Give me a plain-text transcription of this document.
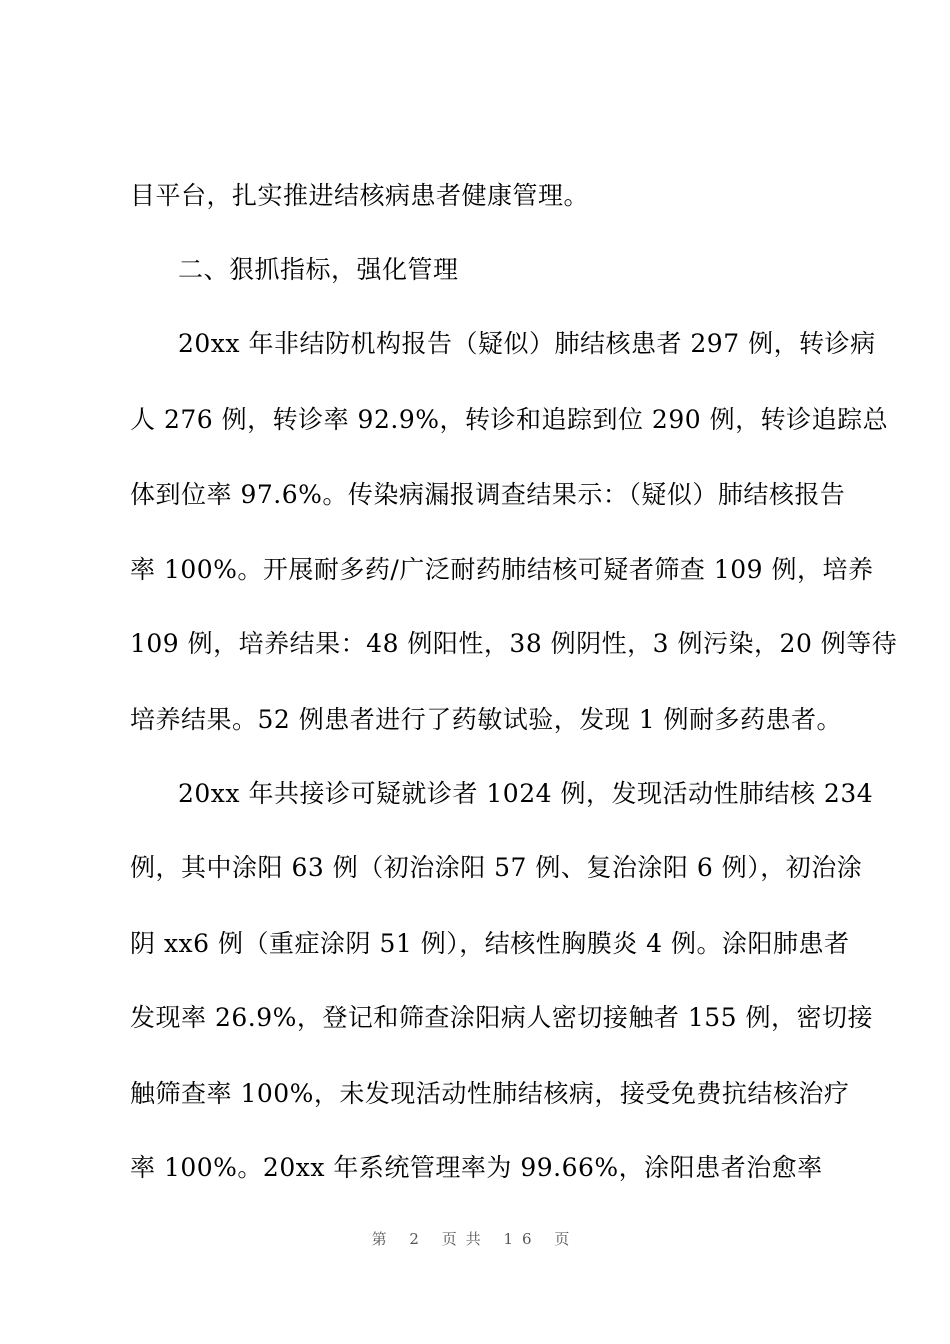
目平台，扎实推进结核病患者健康管理。
二、狠抓指标，强化管理
20xx 年非结防机构报告（疑似）肺结核患者 297 例，转诊病
人 276 例，转诊率 92.9%，转诊和追踪到位 290 例，转诊追踪总
体到位率 97.6%。传染病漏报调查结果示：（疑似）肺结核报告
率 100%。开展耐多药/广泛耐药肺结核可疑者筛查 109 例，培养
109 例，培养结果：48 例阳性，38 例阴性，3 例污染，20 例等待
培养结果。52 例患者进行了药敏试验，发现 1 例耐多药患者。
20xx 年共接诊可疑就诊者 1024 例，发现活动性肺结核 234
例，其中涂阳 63 例（初治涂阳 57 例、复治涂阳 6 例），初治涂
阴 xx6 例（重症涂阴 51 例），结核性胸膜炎 4 例。涂阳肺患者
发现率 26.9%，登记和筛查涂阳病人密切接触者 155 例，密切接
触筛查率 100%，未发现活动性肺结核病，接受免费抗结核治疗
率 100%。20xx 年系统管理率为 99.66%，涂阳患者治愈率
第 2 页共 16 页
